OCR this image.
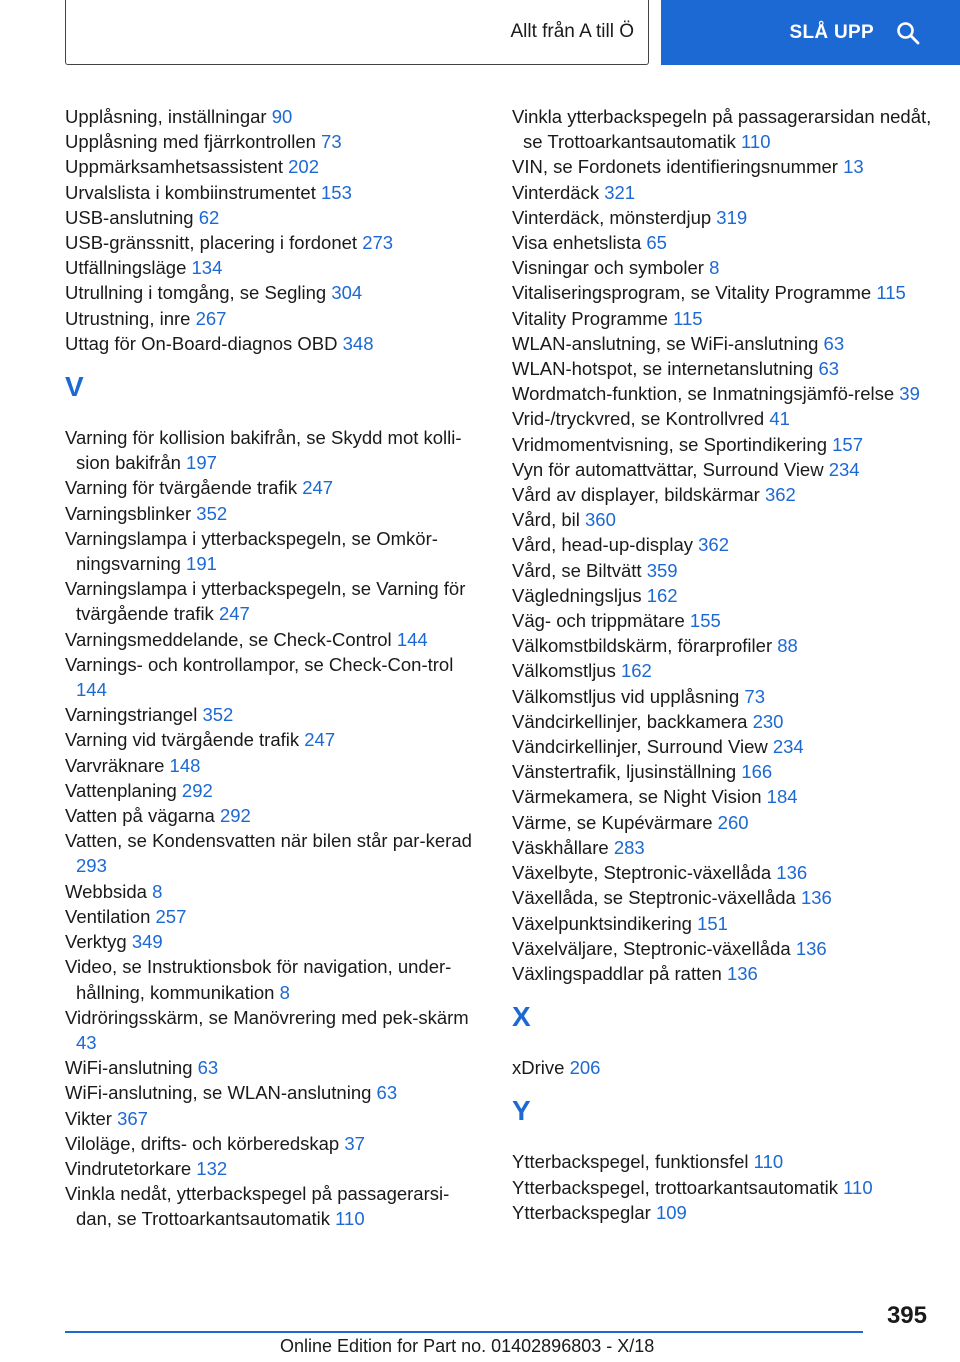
Allt från A till Ö	SLÅ UPP
Upplåsning, inställningar 90
Upplåsning med fjärrkontrollen 73
Uppmärksamhetsassistent 202
Urvalslista i kombiinstrumentet 153
USB-anslutning 62
USB-gränssnitt, placering i fordonet 273
Utfällningsläge 134
Utrullning i tomgång, se Segling 304
Utrustning, inre 267
Uttag för On-Board-diagnos OBD 348
V
Varning för kollision bakifrån, se Skydd mot kolli-sion bakifrån 197
Varning för tvärgående trafik 247
Varningsblinker 352
Varningslampa i ytterbackspegeln, se Omkör-ningsvarning 191
Varningslampa i ytterbackspegeln, se Varning för tvärgående trafik 247
Varningsmeddelande, se Check-Control 144
Varnings- och kontrollampor, se Check-Con-trol 144
Varningstriangel 352
Varning vid tvärgående trafik 247
Varvräknare 148
Vattenplaning 292
Vatten på vägarna 292
Vatten, se Kondensvatten när bilen står par-kerad 293
Webbsida 8
Ventilation 257
Verktyg 349
Video, se Instruktionsbok för navigation, under-hållning, kommunikation 8
Vidröringsskärm, se Manövrering med pek-skärm 43
WiFi-anslutning 63
WiFi-anslutning, se WLAN-anslutning 63
Vikter 367
Viloläge, drifts- och körberedskap 37
Vindrutetorkare 132
Vinkla nedåt, ytterbackspegel på passagerarsi-dan, se Trottoarkantsautomatik 110
Vinkla ytterbackspegeln på passagerarsidan nedåt, se Trottoarkantsautomatik 110
VIN, se Fordonets identifieringsnummer 13
Vinterdäck 321
Vinterdäck, mönsterdjup 319
Visa enhetslista 65
Visningar och symboler 8
Vitaliseringsprogram, se Vitality Programme 115
Vitality Programme 115
WLAN-anslutning, se WiFi-anslutning 63
WLAN-hotspot, se internetanslutning 63
Wordmatch-funktion, se Inmatningsjämfö-relse 39
Vrid-/tryckvred, se Kontrollvred 41
Vridmomentvisning, se Sportindikering 157
Vyn för automattvättar, Surround View 234
Vård av displayer, bildskärmar 362
Vård, bil 360
Vård, head-up-display 362
Vård, se Biltvätt 359
Vägledningsljus 162
Väg- och trippmätare 155
Välkomstbildskärm, förarprofiler 88
Välkomstljus 162
Välkomstljus vid upplåsning 73
Vändcirkellinjer, backkamera 230
Vändcirkellinjer, Surround View 234
Vänstertrafik, ljusinställning 166
Värmekamera, se Night Vision 184
Värme, se Kupévärmare 260
Väskhållare 283
Växelbyte, Steptronic-växellåda 136
Växellåda, se Steptronic-växellåda 136
Växelpunktsindikering 151
Växelväljare, Steptronic-växellåda 136
Växlingspaddlar på ratten 136
X
xDrive 206
Y
Ytterbackspegel, funktionsfel 110
Ytterbackspegel, trottoarkantsautomatik 110
Ytterbackspeglar 109
395
Online Edition for Part no. 01402896803 - X/18
